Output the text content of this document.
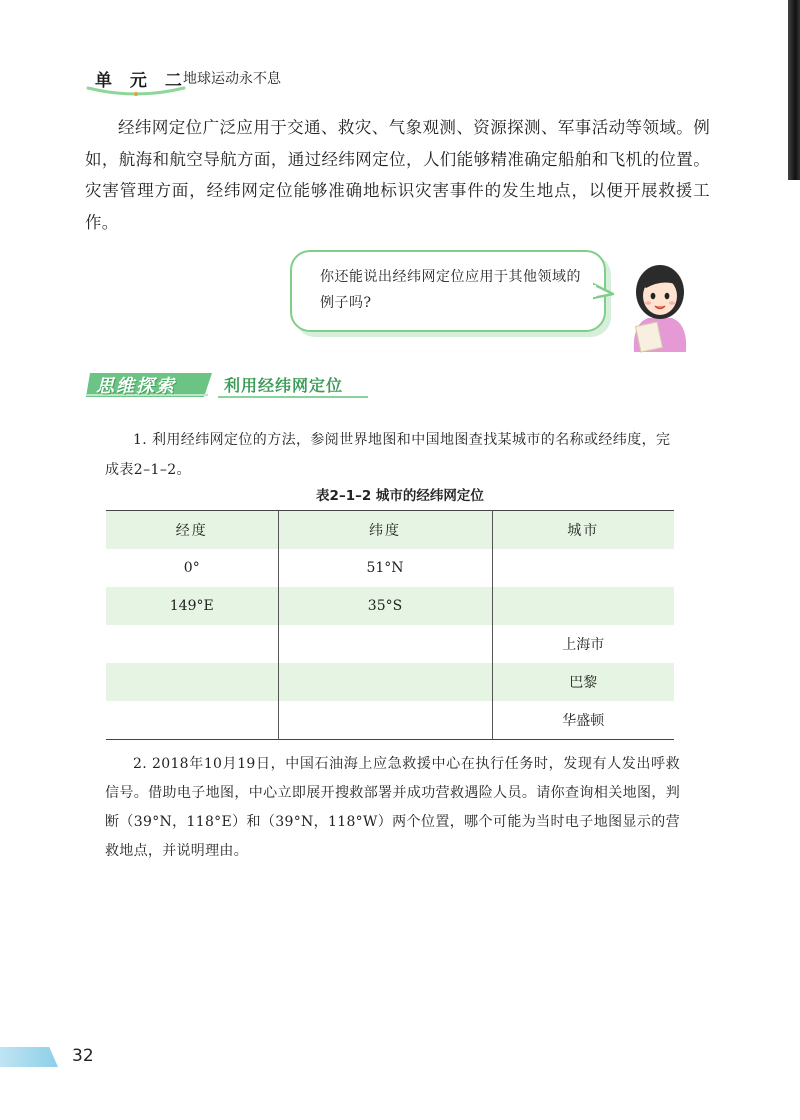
单 元 二
地球运动永不息
经纬网定位广泛应用于交通、救灾、气象观测、资源探测、军事活动等领域。例如，航海和航空导航方面，通过经纬网定位，人们能够精准确定船舶和飞机的位置。灾害管理方面，经纬网定位能够准确地标识灾害事件的发生地点，以便开展救援工作。
你还能说出经纬网定位应用于其他领域的例子吗?
思维探索	利用经纬网定位
1. 利用经纬网定位的方法，参阅世界地图和中国地图查找某城市的名称或经纬度，完成表2–1–2。
表2–1–2 城市的经纬网定位
经度	纬度	城市
0°	51°N	
149°E	35°S	
		上海市
		巴黎
		华盛顿
2. 2018年10月19日，中国石油海上应急救援中心在执行任务时，发现有人发出呼救信号。借助电子地图，中心立即展开搜救部署并成功营救遇险人员。请你查询相关地图，判断（39°N，118°E）和（39°N，118°W）两个位置，哪个可能为当时电子地图显示的营救地点，并说明理由。
32
